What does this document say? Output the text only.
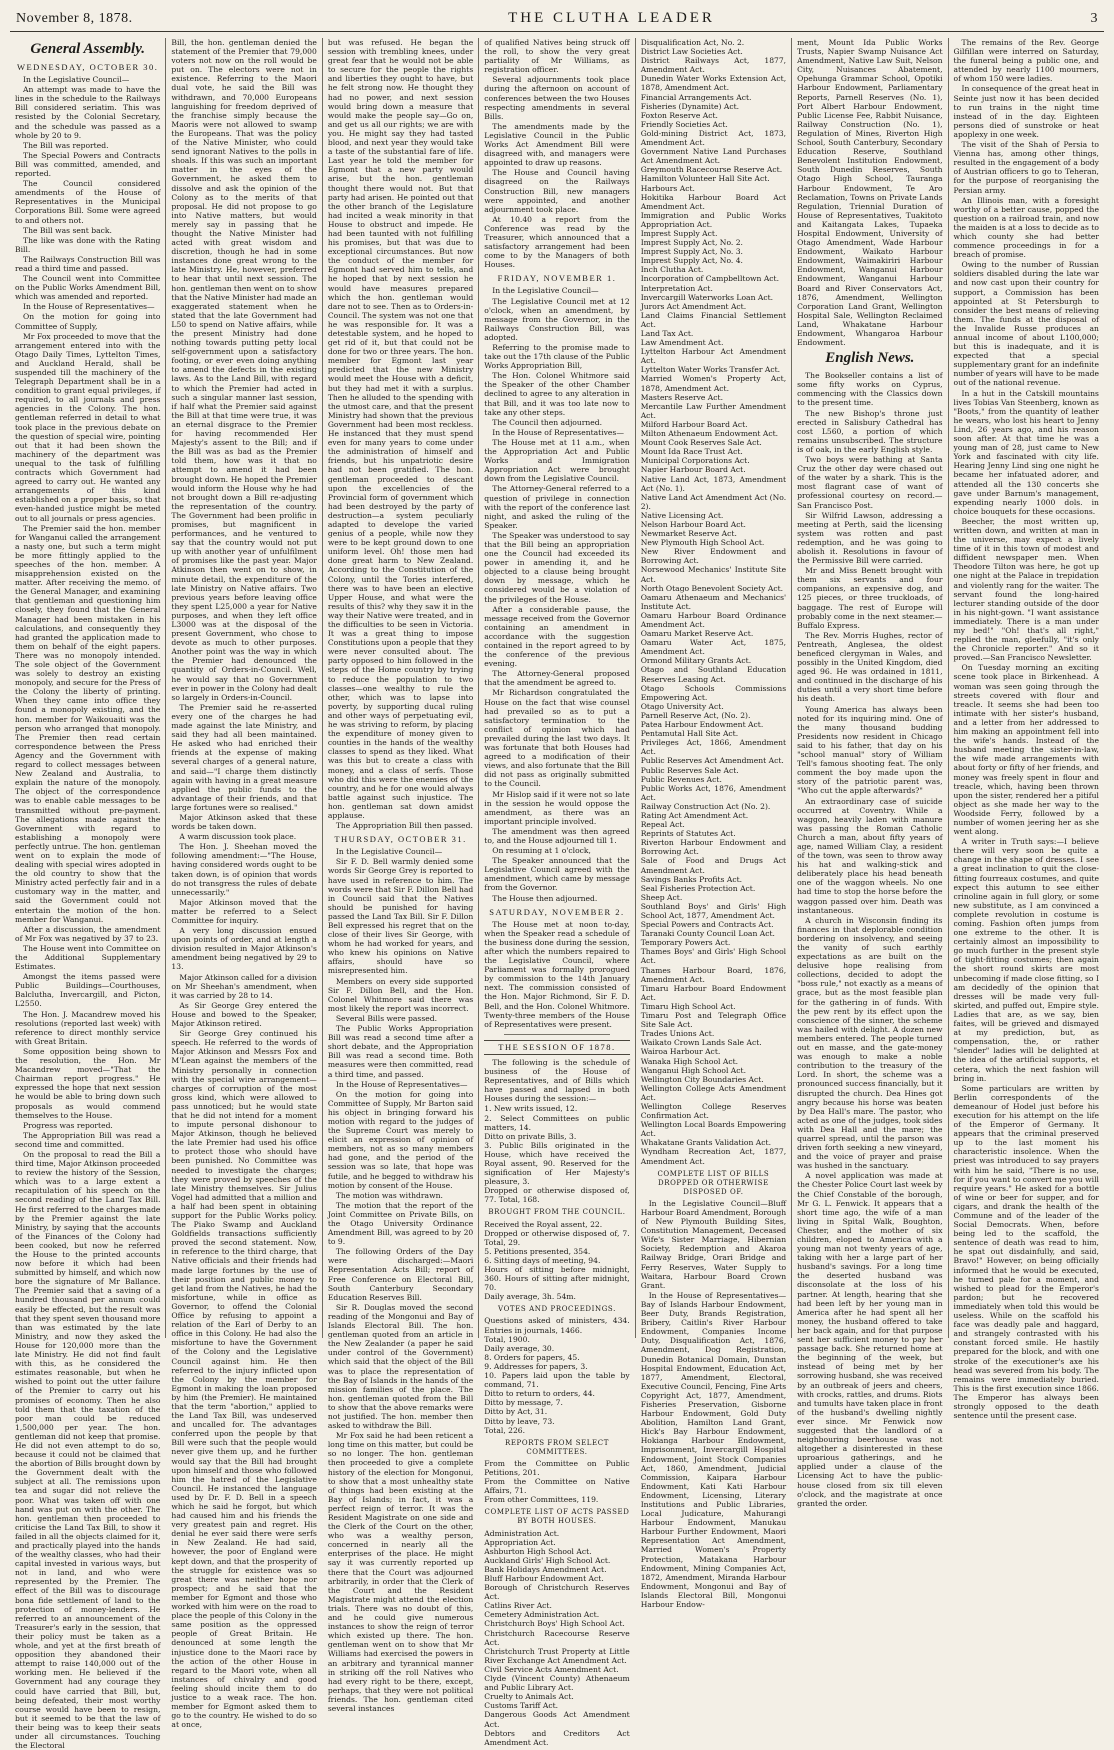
November 8, 1878.	THE CLUTHA LEADER	3
General Assembly.
WEDNESDAY, OCTOBER 30.

In the Legislative Council—

An attempt was made to have the lines in the schedule to the Railways Bill considered seriatim. This was resisted by the Colonial Secretary, and the schedule was passed as a whole by 20 to 9.

The Bill was reported.

The Special Powers and Contracts Bill was committed, amended, and reported.

The Council considered amendments of the House of Representatives in the Municipal Corporations Bill. Some were agreed to and others not.

The Bill was sent back.

The like was done with the Rating Bill.

The Railways Construction Bill was read a third time and passed.

The Council went into Committee on the Public Works Amendment Bill, which was amended and reported.

In the House of Representatives—

On the motion for going into Committee of Supply,

Mr Fox proceeded to move that the arrangement entered into with the Otago Daily Times, Lyttelton Times, and Auckland Herald, shall be suspended till the machinery of the Telegraph Department shall be in a condition to grant equal privileges, if required, to all journals and press agencies in the Colony. The hon. gentleman referred in detail to what took place in the previous debate on the question of special wire, pointing out that it had been shown the machinery of the department was unequal to the task of fulfilling contracts which Government had agreed to carry out. He wanted any arrangements of this kind established on a proper basis, so that even-handed justice might be meted out to all journals or press agencies.

The Premier said the hon. member for Wanganui called the arrangement a nasty one, but such a term might be more fittingly applied to the speeches of the hon. member. A misapprehension existed on the matter. After receiving the memo. of the General Manager, and examining that gentleman and questioning him closely, they found that the General Manager had been mistaken in his calculations, and consequently they had granted the application made to them on behalf of the eight papers. There was no monopoly intended. The sole object of the Government was solely to destroy an existing monopoly, and secure for the Press of the Colony the liberty of printing. When they came into office they found a monopoly existing, and the hon. member for Waikouaiti was the person who arranged that monopoly. The Premier then read certain correspondence between the Press Agency and the Government with regard to collect messages between New Zealand and Australia, to explain the nature of the monopoly. The object of the correspondence was to enable cable messages to be transmitted without pre-payment. The allegations made against the Government with regard to establishing a monopoly were perfectly untrue. The hon. gentleman went on to explain the mode of dealing with special wires adopted in the old country to show that the Ministry acted perfectly fair and in a customary way in the matter, and said the Government could not entertain the motion of the hon. member for Wanganui.

After a discussion, the amendment of Mr Fox was negatived by 37 to 23.

The House went into Committee on the Additional Supplementary Estimates.

Amongst the items passed were Public Buildings—Courthouses, Balclutha, Invercargill, and Picton, L2550.

The Hon. J. Macandrew moved his resolutions (reported last week) with reference to direct monthly service with Great Britain.

Some opposition being shown to the resolution, the Hon. Mr Macandrew moved—"That the Chairman report progress." He expressed the hope that next session he would be able to bring down such proposals as would commend themselves to the House.

Progress was reported.

The Appropriation Bill was read a second time and committed.

On the proposal to read the Bill a third time, Major Atkinson proceeded to review the history of the Session, which was to a large extent a recapitulation of his speech on the second reading of the Land Tax Bill. He first referred to the charges made by the Premier against the late Ministry, by saying that the accounts of the Finances of the Colony had been cooked, but now he referred the House to the printed accounts now before it which had been submitted by himself, and which now bore the signature of Mr Ballance. The Premier said that a saving of a hundred thousand per annum could easily be effected, but the result was that they spent seven thousand more than was estimated by the late Ministry, and now they asked the House for 120,000 more than the late Ministry. He did not find fault with this, as he considered the estimates reasonable, but when he wished to point out the utter failure of the Premier to carry out his promises of economy. Then he also told them that the taxation of the poor man could be reduced 1,500,000 per year. The hon. gentleman did not keep that promise. He did not even attempt to do so, because it could not be claimed that the abortion of Bills brought down by the Government dealt with the subject at all. The remissions upon tea and sugar did not relieve the poor. What was taken off with one hand was put on with the other. The hon. gentleman then proceeded to criticise the Land Tax Bill, to show it failed in all the objects claimed for it, and practically played into the hands of the wealthy classes, who had their capital invested in various ways, but not in land, and who were represented by the Premier. The effect of the Bill was to discourage bona fide settlement of land to the protection of money-lenders. He referred to an announcement of the Treasurer's early in the session, that their policy must be taken as a whole, and yet at the first breath of opposition they abandoned their attempt to raise 140,000 out of the working men. He believed if the Government had any courage they could have carried that Bill, but, being defeated, their most worthy course would have been to resign, but it seemed to be that the law of their being was to keep their seats under all circumstances. Touching the Electoral

Bill, the hon. gentleman denied the statement of the Premier that 79,000 voters not now on the roll would be put on. The electors were not in existence. Referring to the Maori dual vote, he said the Bill was withdrawn, and 70,000 Europeans languishing for freedom deprived of the franchise simply because the Maoris were not allowed to swamp the Europeans. That was the policy of the Native Minister, who could send ignorant Natives to the polls in shoals. If this was such an important matter in the eyes of the Government, he asked them to dissolve and ask the opinion of the Colony as to the merits of that proposal. He did not propose to go into Native matters, but would merely say in passing that he thought the Native Minister had acted with great wisdom and discretion, though he had in some instances done great wrong to the late Ministry. He, however, preferred to hear that until next session. The hon. gentleman then went on to show that the Native Minister had made an exaggerated statement when he stated that the late Government had L50 to spend on Native affairs, while the present Ministry had done nothing towards putting petty local self-government upon a satisfactory footing, or ever even doing anything to amend the defects in the existing laws. As to the Land Bill, with regard to which the Premier had acted in such a singular manner last session, if half what the Premier said against the Bill at that time were true, it was an eternal disgrace to the Premier for having recommended Her Majesty's assent to the Bill; and if the Bill was as bad as the Premier told them, how was it that no attempt to amend it had been brought down. He hoped the Premier would inform the House why he had not brought down a Bill re-adjusting the representation of the country. The Government had been prolific in promises, but magnificent in performances, and he ventured to say that the country would not put up with another year of unfulfilment of promises like the past year. Major Atkinson then went on to show, in minute detail, the expenditure of the late Ministry on Native affairs. Two previous years before leaving office they spent L25,000 a year for Native purposes, and when they left office L3000 was at the disposal of the present Government, who chose to devote as much to other purposes. Another point was the way in which the Premier had denounced the quantity of Orders-in-Council. Well, he would say that no Government ever in power in the Colony had dealt so largely in Orders-in-Council.

The Premier said he re-asserted every one of the charges he had made against the late Ministry, and said they had all been maintained. He asked who had enriched their friends at the expense of making several charges of a general nature, and said—"I charge them distinctly again with having in a great measure applied the public funds to the advantage of their friends, and that large fortunes were so realised."

Major Atkinson asked that these words be taken down.

A warm discussion took place.

The Hon. J. Sheehan moved the following amendment:—"The House, having considered words ought to be taken down, is of opinion that words do not transgress the rules of debate unnecessarily."

Major Atkinson moved that the matter be referred to a Select Committee for inquiry.

A very long discussion ensued upon points of order, and at length a division resulted in Major Atkinson's amendment being negatived by 29 to 13.

Major Atkinson called for a division on Mr Sheehan's amendment, when it was carried by 28 to 14.

As Sir George Grey entered the House and bowed to the Speaker, Major Atkinson retired.

Sir George Grey continued his speech. He referred to the words of Major Atkinson and Messrs Fox and M'Lean against the members of the Ministry personally in connection with the special wire arrangement—charges of corruption of the most gross kind, which were allowed to pass unnoticed; but he would state that he did not intend for a moment to impute personal dishonour to Major Atkinson, though he believed the late Premier had used his office to protect those who should have been punished. No Committee was needed to investigate the charges; they were proved by speeches of the late Ministry themselves. Sir Julius Vogel had admitted that a million and a half had been spent in obtaining support for the Public Works policy. The Piako Swamp and Auckland Goldfields transactions sufficiently proved the second statement. Now, in reference to the third charge, that Native officials and their friends had made large fortunes by the use of their position and public money to get land from the Natives, he had the misfortune, while in office as Governor, to offend the Colonial Office by refusing to appoint a relation of the Earl of Derby to an office in this Colony. He had also the misfortune to have the Government of the Colony and the Legislative Council against him. He then referred to the injury inflicted upon the Colony by the member for Egmont in making the loan proposed by him (the Premier). He maintained that the term "abortion," applied to the Land Tax Bill, was undeserved and uncalled for. The advantages conferred upon the people by that Bill were such that the people would never give them up, and he further would say that the Bill had brought upon himself and those who followed him the hatred of the Legislative Council. He instanced the language used by Dr. F. D. Bell in a speech which he said he forgot, but which had caused him and his friends the very greatest pain and regret. His denial he ever said there were serfs in New Zealand. He had said, however, the poor of England were kept down, and that the prosperity of the struggle for existence was so great there was neither hope nor prospect; and he said that the member for Egmont and those who worked with him were on the road to place the people of this Colony in the same position as the oppressed people of Great Britain. He denounced at some length the injustice done to the Maori race by the action of the other House in regard to the Maori vote, when all instances of chivalry and good feeling should incite them to do justice to a weak race. The hon. member for Egmont asked them to go to the country. He wished to do so at once,

but was refused. He began the session with trembling knees, under great fear that he would not be able to secure for the people the rights and liberties they ought to have, but he felt strong now. He thought they had no power, and next session would bring down a measure that would make the people say—Go on, and get us all our rights; we are with you. He might say they had tasted blood, and next year they would take a taste of the substantial fare of life. Last year he told the member for Egmont that a new party would arise, but the hon. gentleman thought there would not. But that party had arisen. He pointed out that the other branch of the Legislature had incited a weak minority in that House to obstruct and impede. He had been taunted with not fulfilling his promises, but that was due to exceptional circumstances. But now the conduct of the member for Egmont had served him to tells, and he hoped that by next session he would have measures prepared which the hon. gentleman would dare not to see. Then as to Orders-in-Council. The system was not one that he was responsible for. It was a detestable system, and he hoped to get rid of it, but that could not be done for two or three years. The hon. member for Egmont last year predicted that the new Ministry would meet the House with a deficit, but they had met it with a surplus. Then he alluded to the spending with the utmost care, and that the present Ministry had shown that the previous Government had been most reckless. He instanced that they must spend even for many years to come under the administration of himself and friends, but his unpatriotic desire had not been gratified. The hon. gentleman proceeded to descant upon the excellencies of the Provincial form of government which had been destroyed by the party of destruction—a system peculiarly adapted to develope the varied genius of a people, while now they were to be kept ground down to one uniform level. Oh! those men had done great harm to New Zealand. According to the Constitution of the Colony, until the Tories interfered, there was to have been an elective Upper House, and what were the results of this? why they saw it in the way their Native were treated, and in the difficulties to be seen in Victoria. It was a great thing to impose Constitutions upon a people that they were never consulted about. The party opposed to him followed in the steps of the Home country by trying to reduce the population to two classes—one wealthy to rule the other, which was to lapse into poverty, by supporting ducal ruling and other ways of perpetuating evil, he was striving to reform, by placing the expenditure of money given to counties in the hands of the wealthy classes to spend as they liked. What was this but to create a class with money, and a class of serfs. Those who did this were the enemies of the country, and he for one would always battle against such injustice. The hon. gentleman sat down amidst applause.

The Appropriation Bill then passed.

THURSDAY, OCTOBER 31.

In the Legislative Council—

Sir F. D. Bell warmly denied some words Sir George Grey is reported to have used in reference to him. The words were that Sir F. Dillon Bell had in Council said that the Natives should be punished for having passed the Land Tax Bill. Sir F. Dillon Bell expressed his regret that on the close of their lives Sir George, with whom he had worked for years, and who knew his opinions on Native affairs, should have so misrepresented him.

Members on every side supported Sir F. Dillon Bell, and the Hon. Colonel Whitmore said there was most likely the report was incorrect.

Several Bills were passed.

The Public Works Appropriation Bill was read a second time after a short debate, and the Appropriation Bill was read a second time. Both measures were then committed, read a third time, and passed.

In the House of Representatives—

On the motion for going into Committee of Supply, Mr Barton said his object in bringing forward his motion with regard to the judges of the Supreme Court was merely to elicit an expression of opinion of members, not as so many members had gone, and the period of the session was so late, that hope was futile, and he begged to withdraw his motion by consent of the House.

The motion was withdrawn.

The motion that the report of the Joint Committee on Private Bills, on the Otago University Ordinance Amendment Bill, was agreed to by 20 to 9.

The following Orders of the Day were discharged:—Maori Representation Acts Bill; report of Free Conference on Electoral Bill, South Canterbury Secondary Education Reserves Bill.

Sir R. Douglas moved the second reading of the Mongonui and Bay of Islands Electoral Bill. The hon. gentleman quoted from an article in the New Zealander (a paper he said under control of the Government) which said that the object of the Bill was to place the representation of the Bay of Islands in the hands of the mission families of the place. The hon. gentleman quoted from the Bill to show that the above remarks were not justified. The hon. member then asked to withdraw the Bill.

Mr Fox said he had been reticent a long time on this matter, but could be so no longer. The hon. gentleman then proceeded to give a complete history of the election for Mongonui, to show that a most unhealthy state of things had been existing at the Bay of Islands; in fact, it was a perfect reign of terror. It was the Resident Magistrate on one side and the Clerk of the Court on the other, who was a wealthy person, concerned in nearly all the enterprises of the place. He might say it was currently reported up there that the Court was adjourned arbitrarily, in order that the Clerk of the Court and the Resident Magistrate might attend the election trials. There was no doubt of this, and he could give numerous instances to show the reign of terror which existed up there. The hon. gentleman went on to show that Mr Williams had exercised the powers in an arbitrary and tyrannical manner in striking off the roll Natives who had every right to be there, except, perhaps, that they were not political friends. The hon. gentleman cited several instances

of qualified Natives being struck off the roll, to show the very great partiality of Mr Williams, as registration officer.

Several adjournments took place during the afternoon on account of conferences between the two Houses respecting amendments in several Bills.

The amendments made by the Legislative Council in the Public Works Act Amendment Bill were disagreed with, and managers were appointed to draw up reasons.

The House and Council having disagreed on the Railways Construction Bill, new managers were appointed, and another adjournment took place.

At 10.40 a report from the Conference was read by the Treasurer, which announced that a satisfactory arrangement had been come to by the Managers of both Houses.

FRIDAY, NOVEMBER 1.

In the Legislative Council—

The Legislative Council met at 12 o'clock, when an amendment, by message from the Governor, in the Railways Construction Bill, was adopted.

Referring to the promise made to take out the 17th clause of the Public Works Appropriation Bill,

The Hon. Colonel Whitmore said the Speaker of the other Chamber declined to agree to any alteration in that Bill, and it was too late now to take any other steps.

The Council then adjourned.

In the House of Representatives—

The House met at 11 a.m., when the Appropriation Act and Public Works and Immigration Appropriation Act were brought down from the Legislative Council.

The Attorney-General referred to a question of privilege in connection with the report of the conference last night, and asked the ruling of the Speaker.

The Speaker was understood to say that the Bill being an appropriation one the Council had exceeded its power in amending it, and he objected to a clause being brought down by message, which he considered would be a violation of the privileges of the House.

After a considerable pause, the message received from the Governor containing an amendment in accordance with the suggestion contained in the report agreed to by the conference of the previous evening.

The Attorney-General proposed that the amendment be agreed to.

Mr Richardson congratulated the House on the fact that wise counsel had prevailed so as to put a satisfactory termination to the conflict of opinion which had prevailed during the last two days. It was fortunate that both Houses had agreed to a modification of their views, and also fortunate that the Bill did not pass as originally submitted to the Council.

Mr Hislop said if it were not so late in the session he would oppose the amendment, as there was an important principle involved.

The amendment was then agreed to, and the House adjourned till 1.

On resuming at 1 o'clock,

The Speaker announced that the Legislative Council agreed with the amendment, which came by message from the Governor.

The House then adjourned.

SATURDAY, NOVEMBER 2.

The House met at noon to-day, when the Speaker read a schedule of the business done during the session, after which the numbers repaired to the Legislative Council, where Parliament was formally prorogued by commission to the 14th January next. The commission consisted of the Hon. Major Richmond, Sir F. D. Bell, and the Hon. Colonel Whitmore. Twenty-three members of the House of Representatives were present.

THE SESSION OF 1878.

The following is the schedule of business of the House of Representatives, and of Bills which have passed and lapsed in both Houses during the session:—

1. New writs issued, 12.

2. Select Committees on public matters, 14.

Ditto on private Bills, 3.

3. Public Bills originated in the House, which have received the Royal assent, 90. Reserved for the signification of Her Majesty's pleasure, 3.

Dropped or otherwise disposed of, 77. Total, 168.

BROUGHT FROM THE COUNCIL.

Received the Royal assent, 22.

Dropped or otherwise disposed of, 7. Total, 29.

5. Petitions presented, 354.

6. Sitting days of meeting, 94.

Hours of sitting before midnight, 360. Hours of sitting after midnight, 70.

Daily average, 3h. 54m.

VOTES AND PROCEEDINGS.

Questions asked of ministers, 434. Entries in journals, 1466.

Total, 1900.

Daily average, 30.

8. Orders for papers, 45.

9. Addresses for papers, 3.

10. Papers laid upon the table by command, 71.

Ditto to return to orders, 44.

Ditto by message, 7.

Ditto by Act, 31.

Ditto by leave, 73.

Total, 226.

REPORTS FROM SELECT COMMITTEES.

From the Committee on Public Petitions, 201.

From the Committee on Native Affairs, 71.

From other Committees, 119.

COMPLETE LIST OF ACTS PASSED BY BOTH HOUSES.

Administration Act.

Appropriation Act.

Ashburton High School Act.

Auckland Girls' High School Act.

Bank Holidays Amendment Act.

Bluff Harbour Endowment Act.

Borough of Christchurch Reserves Act.

Catlins River Act.

Cemetery Administration Act.

Christchurch Boys' High School Act.

Christchurch Racecourse Reserve Act.

Christchurch Trust Property at Little River Exchange Act Amendment Act.

Civil Service Acts Amendment Act.

Clyde (Vincent County) Athenaeum and Public Library Act.

Cruelty to Animals Act.

Customs Tariff Act.

Dangerous Goods Act Amendment Act.

Debtors and Creditors Act Amendment Act.

Disqualification Act, No. 2.

District Law Societies Act.

District Railways Act, 1877, Amendment Act.

Dunedin Water Works Extension Act, 1878, Amendment Act.

Financial Arrangements Act.

Fisheries (Dynamite) Act.

Foxton Reserve Act.

Friendly Societies Act.

Gold-mining District Act, 1873, Amendment Act.

Government Native Land Purchases Act Amendment Act.

Greymouth Racecourse Reserve Act.

Hamilton Volunteer Hall Site Act.

Harbours Act.

Hokitika Harbour Board Act Amendment Act.

Immigration and Public Works Appropriation Act.

Imprest Supply Act.

Imprest Supply Act, No. 2.

Imprest Supply Act, No. 3.

Imprest Supply Act, No. 4.

Inch Clutha Act.

Incorporation of Campbelltown Act.

Interpretation Act.

Invercargill Waterworks Loan Act.

Jurors Act Amendment Act.

Land Claims Financial Settlement Act.

Land Tax Act.

Law Amendment Act.

Lyttelton Harbour Act Amendment Act.

Lyttelton Water Works Transfer Act.

Married Women's Property Act, 1878, Amendment Act.

Masters Reserve Act.

Mercantile Law Further Amendment Act.

Milford Harbour Board Act.

Milton Athenaeum Endowment Act.

Mount Cook Reserves Sale Act.

Mount Ida Race Trust Act.

Municipal Corporations Act.

Napier Harbour Board Act.

Native Land Act, 1873, Amendment Act (No. 1).

Native Land Act Amendment Act (No. 2).

Native Licensing Act.

Nelson Harbour Board Act.

Newmarket Reserve Act.

New Plymouth High School Act.

New River Endowment and Borrowing Act.

Norsewood Mechanics' Institute Site Act.

North Otago Benevolent Society Act.

Oamaru Athenaeum and Mechanics' Institute Act.

Oamaru Harbour Board Ordinance Amendment Act.

Oamaru Market Reserve Act.

Oamaru Water Act, 1875, Amendment Act.

Ormond Military Grants Act.

Otago and Southland Education Reserves Leasing Act.

Otago Schools Commissions Empowering Act.

Otago University Act.

Parnell Reserve Act, (No. 2).

Patea Harbour Endowment Act.

Pentamutal Hall Site Act.

Privileges Act, 1866, Amendment Act.

Public Reserves Act Amendment Act.

Public Reserves Sale Act.

Public Revenues Act.

Public Works Act, 1876, Amendment Act.

Railway Construction Act (No. 2).

Rating Act Amendment Act.

Repeal Act.

Reprints of Statutes Act.

Riverton Harbour Endowment and Borrowing Act.

Sale of Food and Drugs Act Amendment Act.

Savings Banks Profits Act.

Seal Fisheries Protection Act.

Sheep Act.

Southland Boys' and Girls' High School Act, 1877, Amendment Act.

Special Powers and Contracts Act.

Taranaki County Council Loan Act.

Temporary Powers Act.

Thames Boys' and Girls' High School Act.

Thames Harbour Board, 1876, Amendment Act.

Timaru Harbour Board Endowment Act.

Timaru High School Act.

Timaru Post and Telegraph Office Site Sale Act.

Trades Unions Act.

Waikato Crown Lands Sale Act.

Wairoa Harbour Act.

Wanaka High School Act.

Wanganui High School Act.

Wellington City Boundaries Act.

Wellington College Acts Amendment Act.

Wellington College Reserves Confirmation Act.

Wellington Local Boards Empowering Act.

Whakatane Grants Validation Act.

Wyndham Recreation Act, 1877, Amendment Act.

COMPLETE LIST OF BILLS DROPPED OR OTHERWISE DISPOSED OF.

In the Legislative Council—Bluff Harbour Board Amendment, Borough of New Plymouth Building Sites, Constitution Management, Deceased Wife's Sister Marriage, Hibernian Society, Redemption and Akaroa Railway Bridge, Orari Bridge and Ferry Reserves, Water Supply to Waitara, Harbour Board Crown Grant.

In the House of Representatives—Bay of Islands Harbour Endowment, Beer Duty, Brands Registration, Bribery, Caitlin's River Harbour Endowment, Companies Income Duty, Disqualification Act, 1876, Amendment, Dog Registration, Dunedin Botanical Domain, Dunstan Hospital Endowment, Education Act, 1877, Amendment, Electoral, Executive Council, Fencing, Fine Arts Copyright Act, 1877, Amendment, Fisheries Preservation, Gisborne Harbour Endowment, Gold Duty Abolition, Hamilton Land Grant, Hick's Bay Harbour Endowment, Hokianga Harbour Endowment, Imprisonment, Invercargill Hospital Endowment, Joint Stock Companies Act, 1860, Amendment, Judicial Commission, Kaipara Harbour Endowment, Kati Kati Harbour Endowment, Licensing, Literary Institutions and Public Libraries, Local Judicature, Mahurangi Harbour Endowment, Manukau Harbour Further Endowment, Maori Representation Act Amendment, Married Women's Property Protection, Matakana Harbour Endowment, Mining Companies Act, 1872, Amendment, Miranda Harbour Endowment, Mongonui and Bay of Islands Electoral Bill, Mongonui Harbour Endow-

ment, Mount Ida Public Works Trusts, Napier Swamp Nuisance Act Amendment, Native Law Suit, Nelson City, Nuisances Abatement, Opehunga Grammar School, Opotiki Harbour Endowment, Parliamentary Reports, Parnell Reserves (No. 1), Port Albert Harbour Endowment, Public License Fee, Rabbit Nuisance, Railway Construction (No. 1), Regulation of Mines, Riverton High School, South Canterbury, Secondary Education Reserve, Southland Benevolent Institution Endowment, South Dunedin Reserves, South Otago High School, Tauranga Harbour Endowment, Te Aro Reclamation, Towns on Private Lands Regulation, Triennial Duration of House of Representatives, Tuakitoto and Kaitangata Lakes, Tupaeka Hospital Endowment, University of Otago Amendment, Wade Harbour Endowment, Waikato Harbour Endowment, Waimakiriri Harbour Endowment, Wanganui Harbour Endowment, Wanganui Harbour Board and River Conservators Act, 1876, Amendment, Wellington Corporation Land Grant, Wellington Hospital Sale, Wellington Reclaimed Land, Whakatane Harbour Endowment, Whangaroa Harbour Endowment.

English News.

The Bookseller contains a list of some fifty works on Cyprus, commencing with the Classics down to the present time.

The new Bishop's throne just erected in Salisbury Cathedral has cost L560, a portion of which remains unsubscribed. The structure is of oak, in the early English style.

Two boys were bathing at Santa Cruz the other day were chased out of the water by a shark. This is the most flagrant case of want of professional courtesy on record.—San Francisco Post.

Sir Wilfrid Lawson, addressing a meeting at Perth, said the licensing system was rotten and past redemption, and he was going to abolish it. Resolutions in favour of the Permissive Bill were carried.

Mr and Miss Benett brought with them six servants and four companions, an expensive dog, and 125 pieces, or three truckloads, of baggage. The rest of Europe will probably come in the next steamer.—Buffalo Express.

The Rev. Morris Hughes, rector of Pentreath, Anglesea, the oldest beneficed clergyman in Wales, and possibly in the United Kingdom, died aged 96. He was ordained in 1811, and continued in the discharge of his duties until a very short time before his death.

Young America has always been noted for its inquiring mind. One of the many thousand budding Presidents now resident in Chicago said to his father, that day on his "school manual" story of William Tell's famous shooting feat. The only comment the boy made upon the story of the patriotic parent was, "Who cut the apple afterwards?"

An extraordinary case of suicide occurred at Coventry. While a waggon, heavily laden with manure was passing the Roman Catholic Church a man, about fifty years of age, named William Clay, a resident of the town, was seen to throw away his hat and walking-stick and deliberately place his head beneath one of the waggon wheels. No one had time to stop the horse before the waggon passed over him. Death was instantaneous.

A church in Wisconsin finding its finances in that deplorable condition bordering on insolvency, and seeing the vanity of such earthly expectations as are built on the delusive hope realising from collections, decided to adopt the "boss rule," not exactly as a means of grace, but as the most feasible plan for the gathering in of funds. With the pew rent by its effect upon the conscience of the sinner, the scheme was hailed with delight. A dozen new members entered. The people turned out en masse, and the gate-money was enough to make a noble contribution to the treasury of the Lord. In short, the scheme was a pronounced success financially, but it disrupted the church. Dea Hines got angry because his horse was beaten by Dea Hall's mare. The pastor, who acted as one of the judges, took sides with Dea Hall and the mare; the quarrel spread, until the parson was driven forth seeking a new vineyard, and the voice of prayer and praise was hushed in the sanctuary.

A novel application was made at the Chester Police Court last week by the Chief Constable of the borough, Mr G. L. Fenwick. It appears that a short time ago, the wife of a man living in Spital Walk, Boughton, Chester, and the mother of six children, eloped to America with a young man not twenty years of age, taking with her a large part of her husband's savings. For a long time the deserted husband was disconsolate at the loss of his partner. At length, hearing that she had been left by her young man in America after he had spent all her money, the husband offered to take her back again, and for that purpose sent her sufficient money to pay her passage back. She returned home at the beginning of the week, but instead of being met by her sorrowing husband, she was received by an outbreak of jeers and cheers, with crocks, rattles, and drums. Riots and tumults have taken place in front of the husband's dwelling nightly ever since. Mr Fenwick now suggested that the landlord of a neighbouring beerhouse was not altogether a disinterested in these uproarious gatherings, and he applied under a clause of the Licensing Act to have the public-house closed from six till eleven o'clock, and the magistrate at once granted the order.

The remains of the Rev. George Gilfillan were interred on Saturday, the funeral being a public one, and attended by nearly 1100 mourners, of whom 150 were ladies.

In consequence of the great heat in Seinte just now it has been decided to run trains in the night time instead of in the day. Eighteen persons died of sunstroke or heat apoplexy in one week.

The visit of the Shah of Persia to Vienna has, among other things, resulted in the engagement of a body of Austrian officers to go to Teheran, for the purpose of reorganising the Persian army.

An Illinois man, with a foresight worthy of a better cause, popped the question on a railroad train, and now the maiden is at a loss to decide as to which county she had better commence proceedings in for a breach of promise.

Owing to the number of Russian soldiers disabled during the late war and now cast upon their country for support, a Commission has been appointed at St Petersburgh to consider the best means of relieving them. The funds at the disposal of the Invalide Russe produces an annual income of about L100,000; but this is inadequate, and it is expected that a special supplementary grant for an indefinite number of years will have to be made out of the national revenue.

In a hut in the Catskill mountains lives Tobias Van Steenberg, known as "Boots," from the quantity of leather he wears, who lost his heart to Jenny Lind, 26 years ago, and his reason soon after. At that time he was a young man of 28, just came to New York and fascinated with city life. Hearing Jenny Lind sing one night he became her infatuated adorer, and attended all the 130 concerts she gave under Barnum's management, expending nearly 1000 dols. in choice bouquets for these occasions.

Beecher, the most written up, written down, and written at man in the universe, may expect a lively time of it in this town of modest and diffident newspaper men. When Theodore Tilton was here, he got up one night at the Palace in trepidation and violently rang for the waiter. The servant found the long-haired lecturer standing outside of the door in his night-gown. "I want assistance immediately. There is a man under my bed!" "Oh! that's all right," replied the man, gleefully, "it's only the Chronicle reporter." And so it proved.—San Francisco Newsletter.

On Tuesday morning an exciting scene took place in Birkenhead. A woman was seen going through the streets covered with flour and treacle. It seems she had been too intimate with her sister's husband, and a letter from her addressed to him making an appointment fell into the wife's hands. Instead of the husband meeting the sister-in-law, the wife made arrangements with about forty or fifty of her friends, and money was freely spent in flour and treacle, which, having been thrown upon the sister, rendered her a pitiful object as she made her way to the Woodside Ferry, followed by a number of women jeering her as she went along.

A writer in Truth says:—I believe there will very soon be quite a change in the shape of dresses. I see a great inclination to quit the close-fitting fourreaux costumes, and quite expect this autumn to see either crinoline again in full glory, or some new substitute, as I am convinced a complete revolution in costume is coming. Fashion often jumps from one extreme to the other. It is certainly almost an impossibility to go much further in the present style of tight-fitting costumes; then again the short round skirts are most unbecoming if made close fitting, so I am decidedly of the opinion that dresses will be made very full-skirted, and puffed out, Empire style. Ladies that are, as we say, bien faites, will be grieved and dismayed at my prediction, but, as compensation, the, or rather "slender" ladies will be delighted at the idea of the artificial supports, et cetera, which the next fashion will bring in.

Some particulars are written by Berlin correspondents of the demeanour of Hodel just before his execution for his attempt on the life of the Emperor of Germany. It appears that the criminal preserved up to the last moment his characteristic insolence. When the priest was introduced to say prayers with him he said, "There is no use, for if you want to convert me you will require years." He asked for a bottle of wine or beer for supper, and for cigars, and drank the health of the Commune and of the leader of the Social Democrats. When, before being led to the scaffold, the sentence of death was read to him, he spat out disdainfully, and said, Bravo!" However, on being officially informed that he would be executed, he turned pale for a moment, and wished to plead for the Emperor's pardon; but he recovered immediately when told this would be useless. While on the scaffold his face was deadly pale and haggard, and strangely contrasted with his constant forced smile. He hastily prepared for the block, and with one stroke of the executioner's axe his head was severed from his body. The remains were immediately buried. This is the first execution since 1866. The Emperor has always been strongly opposed to the death sentence until the present case.
